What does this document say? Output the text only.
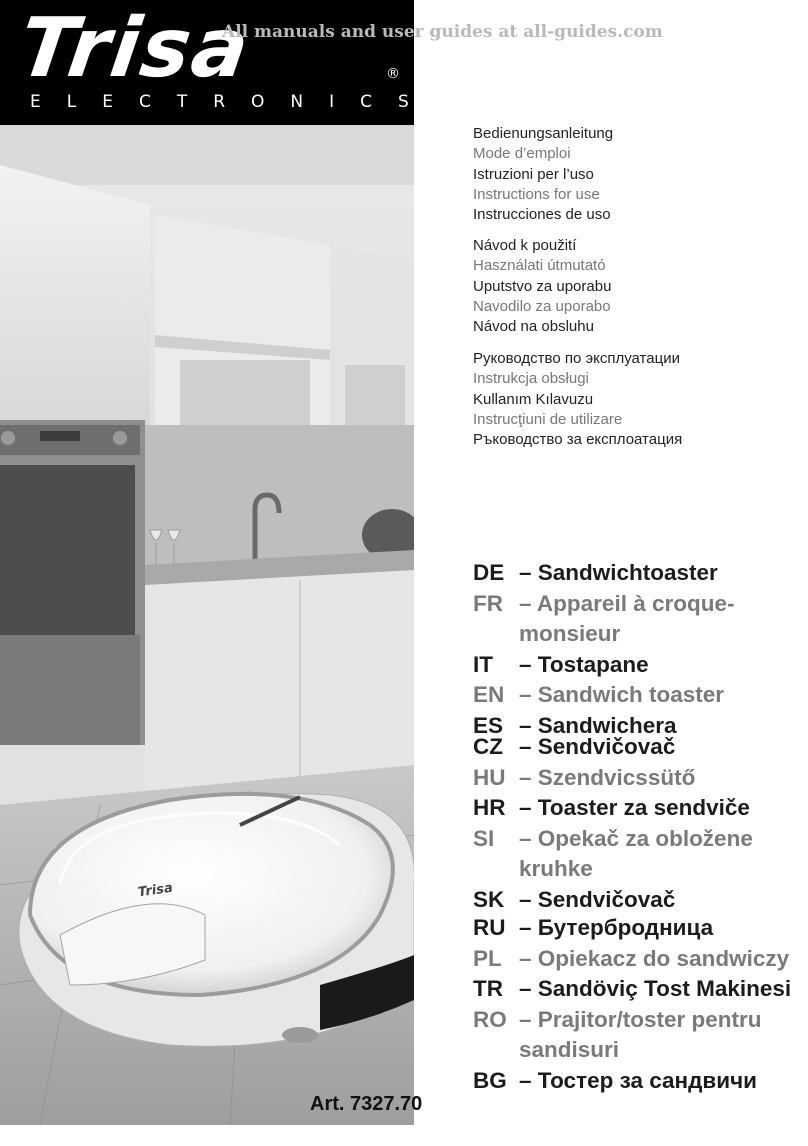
Trisa
Trisa	®
ELECTRONICS
All manuals and user guides at all-guides.com
Bedienungsanleitung
Mode d’emploi
Istruzioni per l’uso
Instructions for use
Instrucciones de uso
Návod k použití
Használati útmutató
Uputstvo za uporabu
Navodilo za uporabo
Návod na obsluhu
Руководство по эксплуатации
Instrukcja obsługi
Kullanım Kılavuzu
Instrucţiuni de utilizare
Ръководство за експлоатация
DE – Sandwichtoaster
FR – Appareil à croque-monsieur
IT	– Tostapane
EN – Sandwich toaster
ES – Sandwichera
CZ – Sendvičovač
HU – Szendvicssütő
HR – Toaster za sendviče
SI	– Opekač za obložene kruhke
SK – Sendvičovač
RU – Бутербродница
PL – Opiekacz do sandwiczy
TR – Sandöviç Tost Makinesi
RO – Prajitor/toster pentru sandisuri
BG – Тостер за сандвичи
Art. 7327.70
